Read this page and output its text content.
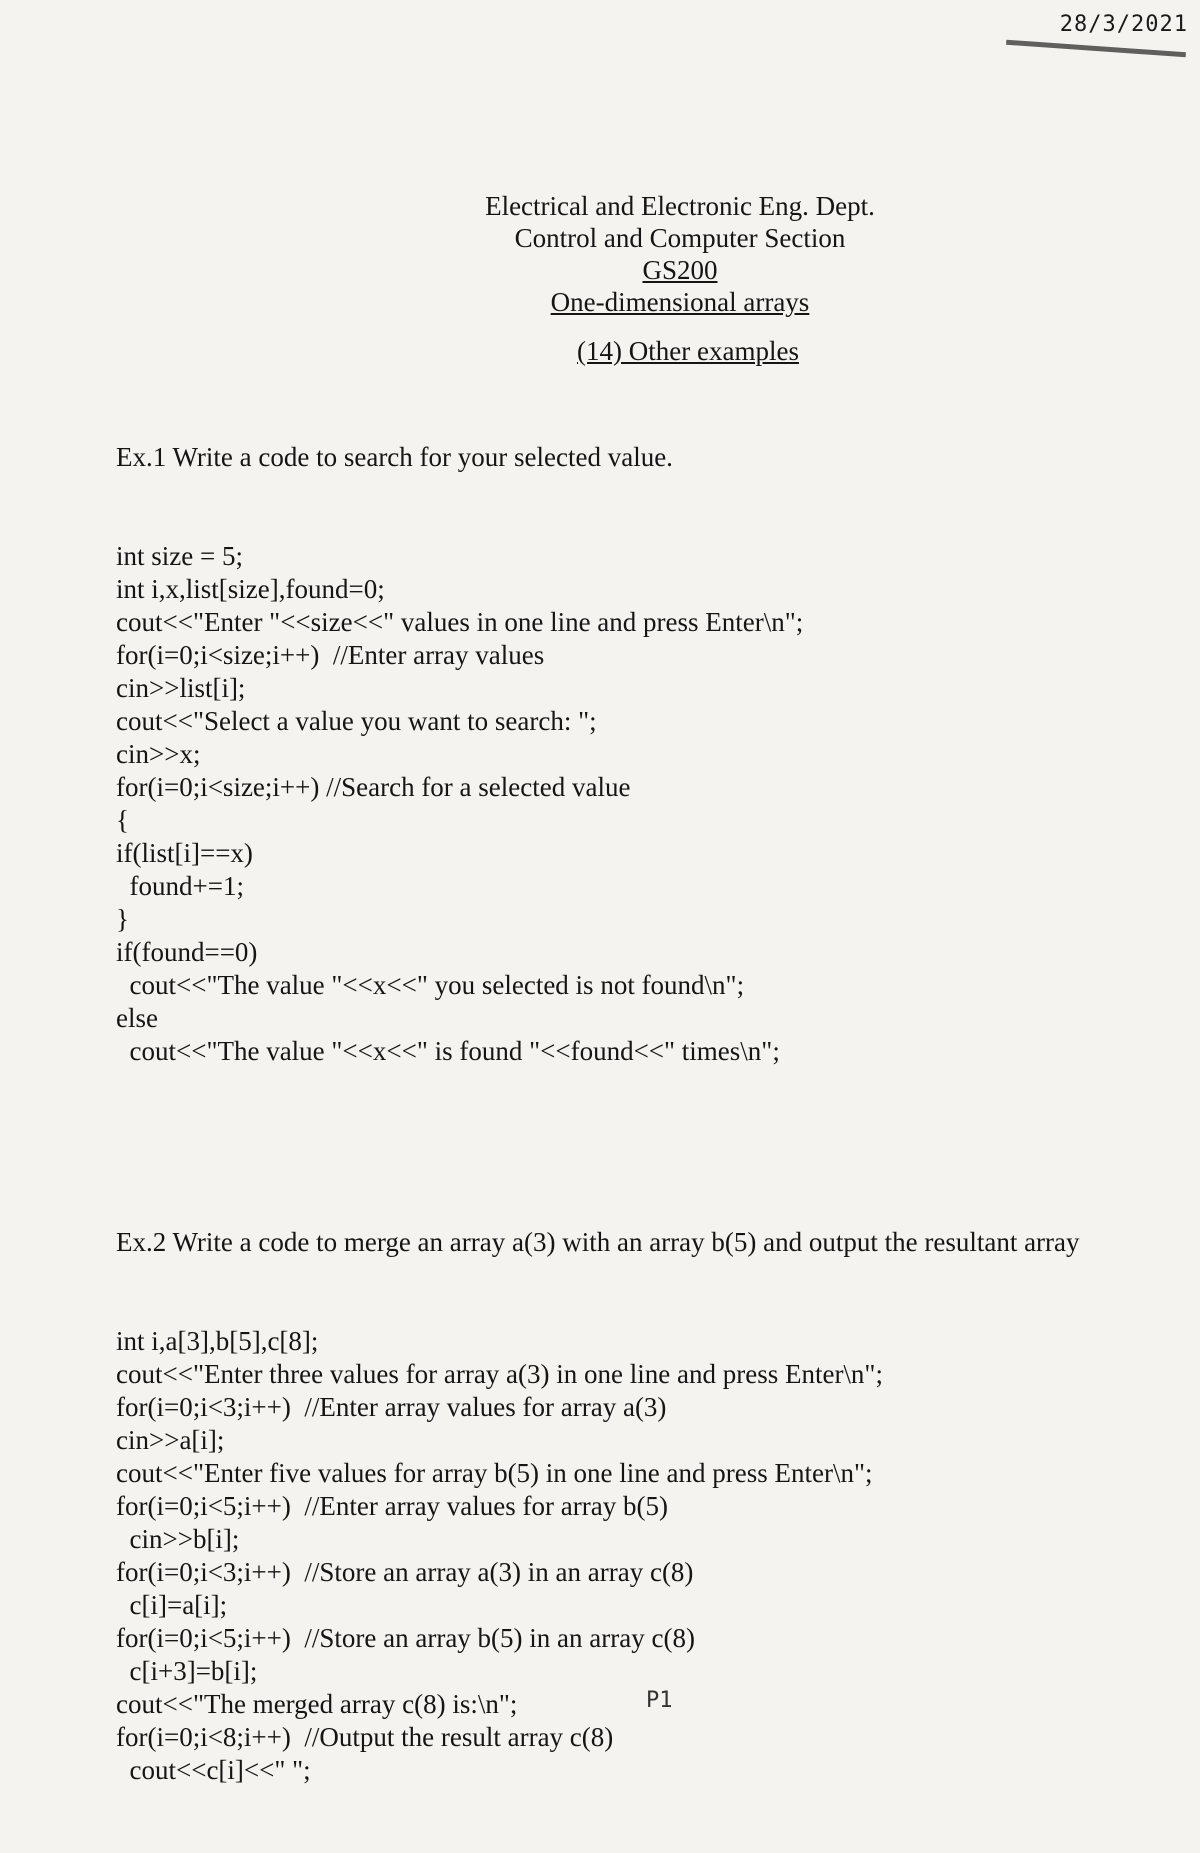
28/3/2021
Electrical and Electronic Eng. Dept.
Control and Computer Section
GS200
One-dimensional arrays
(14) Other examples

Ex.1 Write a code to search for your selected value.

int size = 5;
int i,x,list[size],found=0;
cout<<"Enter "<<size<<" values in one line and press Enter\n";
for(i=0;i<size;i++)  //Enter array values
cin>>list[i];
cout<<"Select a value you want to search: ";
cin>>x;
for(i=0;i<size;i++) //Search for a selected value
{
if(list[i]==x)
found+=1;
}
if(found==0)
cout<<"The value "<<x<<" you selected is not found\n";
else
cout<<"The value "<<x<<" is found "<<found<<" times\n";

Ex.2 Write a code to merge an array a(3) with an array b(5) and output the resultant array

int i,a[3],b[5],c[8];
cout<<"Enter three values for array a(3) in one line and press Enter\n";
for(i=0;i<3;i++)  //Enter array values for array a(3)
cin>>a[i];
cout<<"Enter five values for array b(5) in one line and press Enter\n";
for(i=0;i<5;i++)  //Enter array values for array b(5)
cin>>b[i];
for(i=0;i<3;i++)  //Store an array a(3) in an array c(8)
c[i]=a[i];
for(i=0;i<5;i++)  //Store an array b(5) in an array c(8)
c[i+3]=b[i];
cout<<"The merged array c(8) is:\n";
for(i=0;i<8;i++)  //Output the result array c(8)
cout<<c[i]<<" ";

P1
